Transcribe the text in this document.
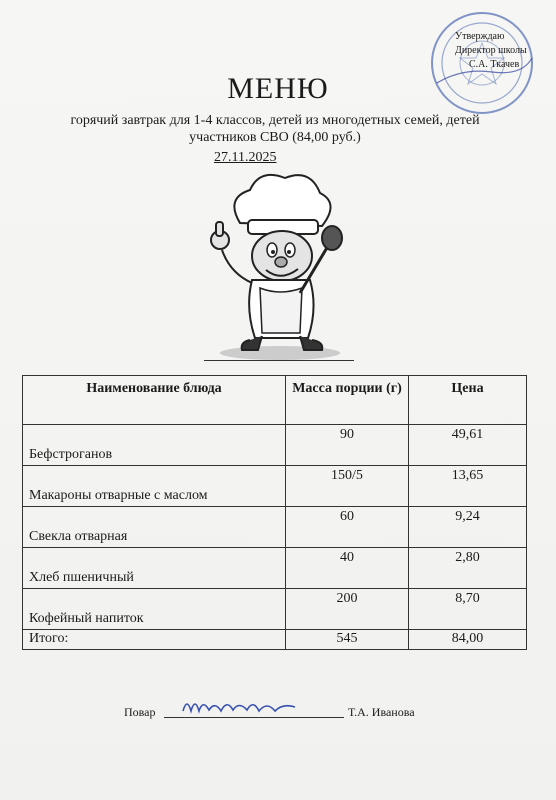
Утверждаю
Директор школы
С.А. Ткачев
МЕНЮ
горячий завтрак для 1-4 классов, детей из многодетных семей, детей участников СВО (84,00 руб.)
27.11.2025
Наименование блюда	Масса порции (г)	Цена
Бефстроганов	90	49,61
Макароны отварные с маслом	150/5	13,65
Свекла отварная	60	9,24
Хлеб пшеничный	40	2,80
Кофейный напиток	200	8,70
Итого:	545	84,00
Повар	Т.А. Иванова
